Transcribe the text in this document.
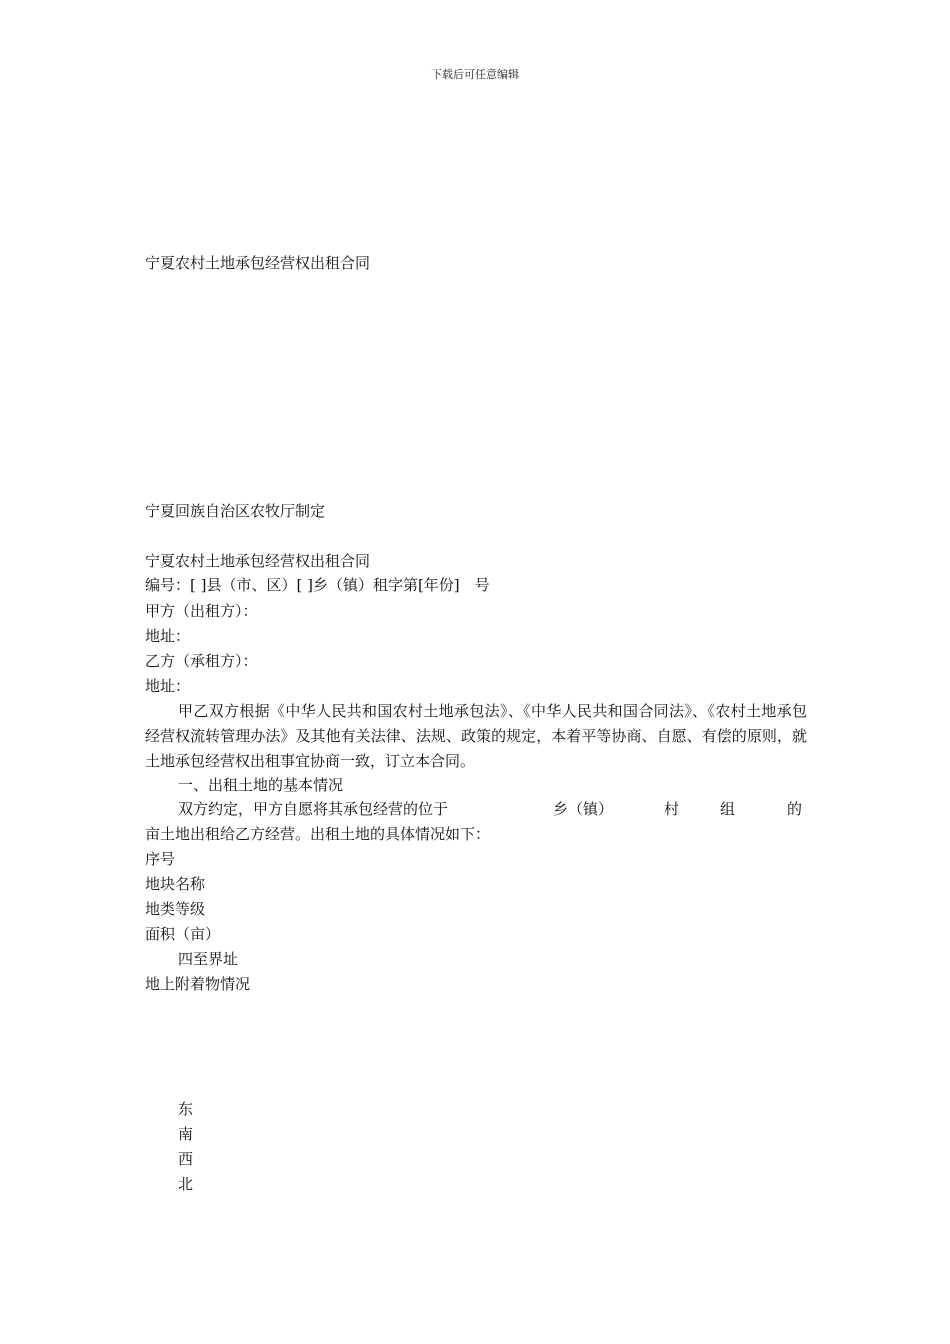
下载后可任意编辑
宁夏农村土地承包经营权出租合同
宁夏回族自治区农牧厅制定
宁夏农村土地承包经营权出租合同
编号：[ ]县（市、区）[ ]乡（镇）租字第[年份]　号
甲方（出租方）：
地址：
乙方（承租方）：
地址：
甲乙双方根据《中华人民共和国农村土地承包法》、《中华人民共和国合同法》、《农村土地承包经营权流转管理办法》及其他有关法律、法规、政策的规定，本着平等协商、自愿、有偿的原则，就土地承包经营权出租事宜协商一致，订立本合同。
一、出租土地的基本情况
双方约定，甲方自愿将其承包经营的位于	乡（镇）	村	组	的
亩土地出租给乙方经营。出租土地的具体情况如下：
序号
地块名称
地类等级
面积（亩）
四至界址
地上附着物情况
东
南
西
北
